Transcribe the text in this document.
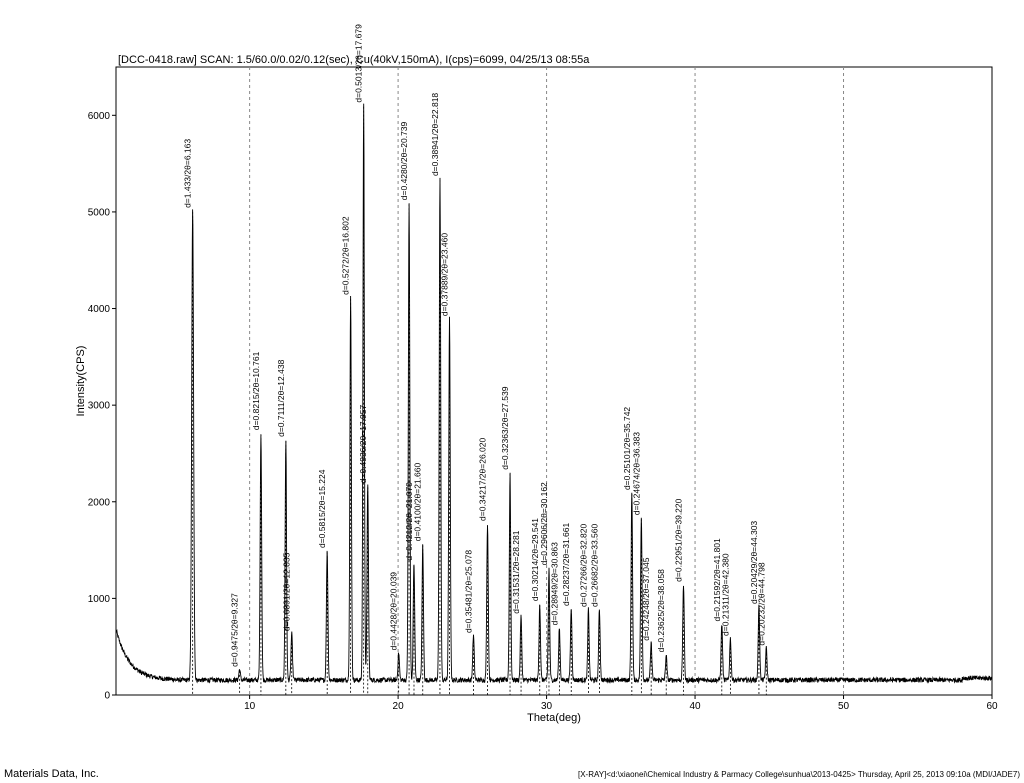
10	20	30	40	50	60
0
1000
2000
3000
4000
5000
6000
d=1.433/2θ=6.163
d=0.9475/2θ=9.327
d=0.8215/2θ=10.761 d=0.7111/2θ=12.438
d=0.6891/2θ=12.835
d=0.5815/2θ=15.224
d=0.5272/2θ=16.802
d=0.5013/2θ=17.679
d=0.4936/2θ=17.957
d=0.4428/2θ=20.039
d=0.4212/2θ=21.070
d=0.4280/2θ=20.739
d=0.4100/2θ=21.660
d=0.38941/2θ=22.818
d=0.37889/2θ=23.460
d=0.35481/2θ=25.078
d=0.34217/2θ=26.020
d=0.32363/2θ=27.539
d=0.31531/2θ=28.281 d=0.30214/2θ=29.541 d=0.29606/2θ=30.162
d=0.28949/2θ=30.863 d=0.28237/2θ=31.661 d=0.27266/2θ=32.820 d=0.26682/2θ=33.560
d=0.25101/2θ=35.742 d=0.24674/2θ=36.383
d=0.24248/2θ=37.045 d=0.23625/2θ=38.058
d=0.22951/2θ=39.220	d=0.21592/2θ=41.801
d=0.21311/2θ=42.380 d=0.20429/2θ=44.303
d=0.20232/2θ=44.798
[DCC-0418.raw] SCAN: 1.5/60.0/0.02/0.12(sec), Cu(40kV,150mA), I(cps)=6099, 04/25/13 08:55a
Theta(deg)
Intensity(CPS)
Materials Data, Inc.	[X-RAY]<d:\xiaonei\Chemical Industry & Parmacy College\sunhua\2013-0425> Thursday, April 25, 2013 09:10a (MDI/JADE7)
